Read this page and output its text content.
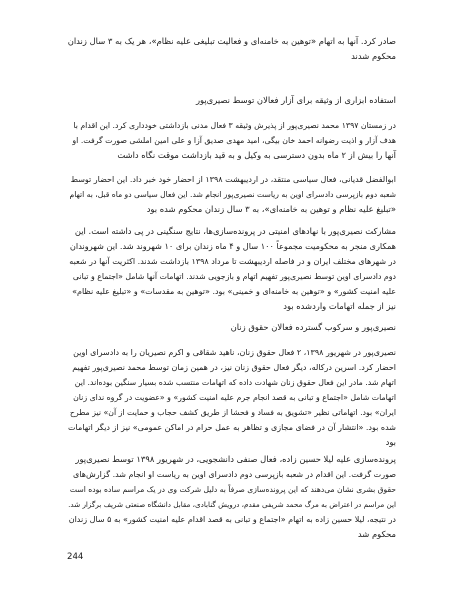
صادر کرد. آنها به اتهام «توهین به خامنه‌ای و فعالیت تبلیغی علیه نظام»، هر یک به ۳ سال زندان
محکوم شدند

استفاده ابزاری از وثیقه برای آزار فعالان توسط نصیری‌پور

در زمستان ۱۳۹۷ محمد نصیری‌پور از پذیرش وثیقه ۳ فعال مدنی بازداشتی خودداری کرد. این اقدام با
هدف آزار و اذیت رضوانه احمد خان بیگی، امید مهدی صدیق آزا و علی امین املشی صورت گرفت. او
آنها را بیش از ۲ ماه بدون دسترسی به وکیل و به قید بازداشت موقت نگاه داشت

ابوالفضل قدیانی، فعال سیاسی منتقد، در اردیبهشت ۱۳۹۸ از احضار خود خبر داد. این احضار توسط
شعبه دوم بازپرسی دادسرای اوین به ریاست نصیری‌پور انجام شد. این فعال سیاسی دو ماه قبل، به اتهام
«تبلیغ علیه نظام و توهین به خامنه‌ای»، به ۳ سال زندان محکوم شده بود

مشارکت نصیری‌پور با نهادهای امنیتی در پرونده‌سازی‌ها، نتایج سنگینی در پی داشته است. این
همکاری منجر به محکومیت مجموعاً ۱۰۰ سال و ۴ ماه زندان برای ۱۰ شهروند شد. این شهروندان
در شهرهای مختلف ایران و در فاصله اردیبهشت تا مرداد ۱۳۹۸ بازداشت شدند. اکثریت آنها در شعبه
دوم دادسرای اوین توسط نصیری‌پور تفهیم اتهام و بازجویی شدند. اتهامات آنها شامل «اجتماع و تبانی
علیه امنیت کشور» و «توهین به خامنه‌ای و خمینی» بود. «توهین به مقدسات» و «تبلیغ علیه نظام»
نیز از جمله اتهامات واردشده بود

نصیری‌پور و سرکوب گسترده فعالان حقوق زنان

نصیری‌پور در شهریور ۱۳۹۸، ۲ فعال حقوق زنان، ناهید شقاقی و اکرم نصیریان را به دادسرای اوین
احضار کرد. اسرین درکاله، دیگر فعال حقوق زنان نیز، در همین زمان توسط محمد نصیری‌پور تفهیم
اتهام شد. مادر این فعال حقوق زنان شهادت داده که اتهامات منتسب شده بسیار سنگین بوده‌اند. این
اتهامات شامل «اجتماع و تبانی به قصد انجام جرم علیه امنیت کشور» و «عضویت در گروه ندای زنان
ایران» بود. اتهاماتی نظیر «تشویق به فساد و فحشا از طریق کشف حجاب و حمایت از آن» نیز مطرح
شده بود. «انتشار آن در فضای مجازی و تظاهر به عمل حرام در اماکن عمومی» نیز از دیگر اتهامات
بود

پرونده‌سازی علیه لیلا حسین زاده، فعال صنفی دانشجویی، در شهریور ۱۳۹۸ توسط نصیری‌پور
صورت گرفت. این اقدام در شعبه بازپرسی دوم دادسرای اوین به ریاست او انجام شد. گزارش‌های
حقوق بشری نشان می‌دهند که این پرونده‌سازی صرفاً به دلیل شرکت وی در یک مراسم ساده بوده است
این مراسم در اعتراض به مرگ محمد شریفی مقدم، درویش گنابادی، مقابل دانشگاه صنعتی شریف برگزار شد.
در نتیجه، لیلا حسین زاده به اتهام «اجتماع و تبانی به قصد اقدام علیه امنیت کشور» به ۵ سال زندان
محکوم شد

244
